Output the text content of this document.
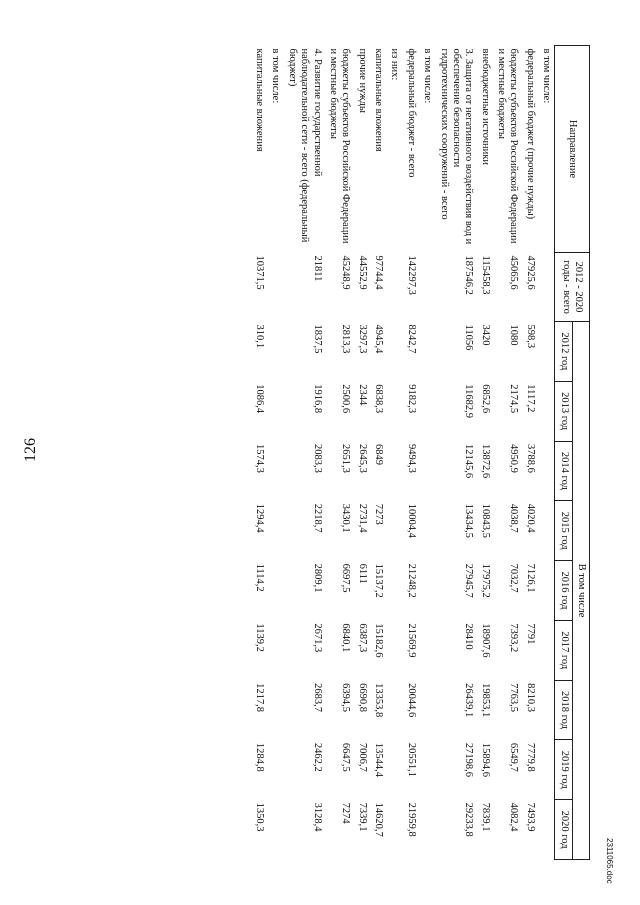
126
Направление	2012 - 2020 годы - всего	В том числе								
		2012 год	2013 год	2014 год	2015 год	2016 год	2017 год	2018 год	2019 год	2020 год
в том числе:										
федеральный бюджет (прочие нужды)	47925,6	598,3	1117,2	3788,6	4020,4	7126,1	7791	8210,3	7779,8	7493,9
бюджеты субъектов Российской Федерации и местные бюджеты	45065,6	1080	2174,5	4950,9	4038,7	7032,7	7393,2	7763,5	6549,7	4082,4
внебюджетные источники	115458,3	3420	6852,6	13872,6	10843,5	17975,2	18907,6	19853,1	15894,6	7839,1
3. Защита от негативного воздействия вод и обеспечение безопасности гидротехнических сооружений - всего	187546,2	11056	11682,9	12145,6	13434,5	27945,7	28410	26439,1	27198,6	29233,8
в том числе:										
федеральный бюджет - всего	142297,3	8242,7	9182,3	9494,3	10004,4	21248,2	21569,9	20044,6	20551,1	21959,8
из них:										
капитальные вложения	97744,4	4945,4	6838,3	6849	7273	15137,2	15182,6	13353,8	13544,4	14620,7
прочие нужды	44552,9	3297,3	2344	2645,3	2731,4	6111	6387,3	6690,8	7006,7	7339,1
бюджеты субъектов Российской Федерации и местные бюджеты	45248,9	2813,3	2500,6	2651,3	3430,1	6697,5	6840,1	6394,5	6647,5	7274
4. Развитие государственной наблюдательной сети - всего (федеральный бюджет)	21811	1837,5	1916,8	2083,3	2218,7	2809,1	2671,3	2683,7	2462,2	3128,4
в том числе:										
капитальные вложения	10371,5	310,1	1086,4	1574,3	1294,4	1114,2	1139,2	1217,8	1284,8	1350,3
2311065.doc
